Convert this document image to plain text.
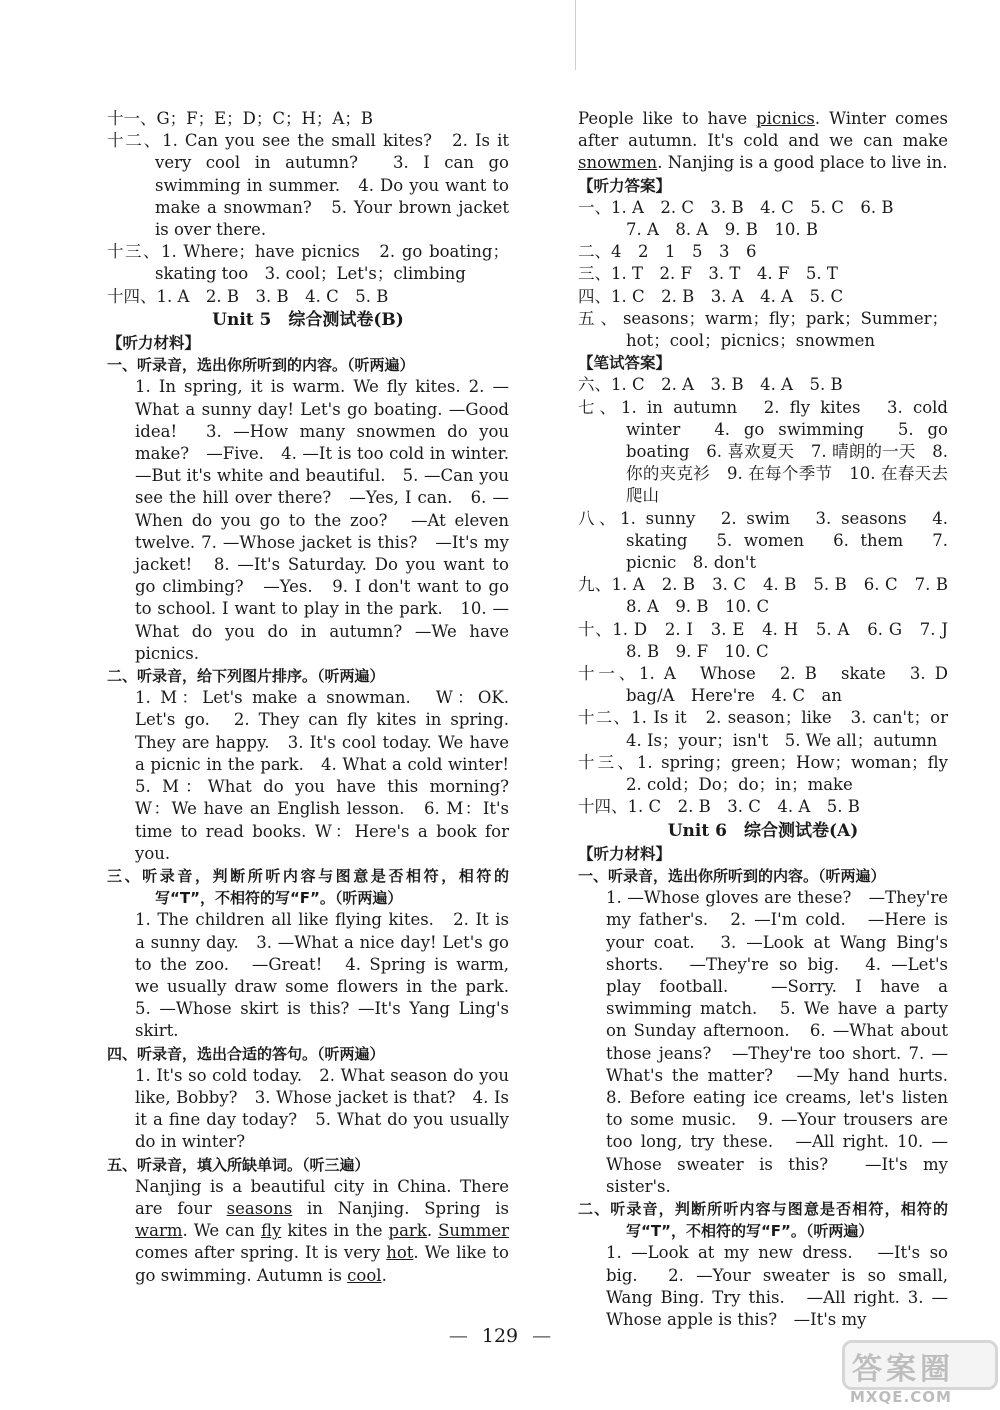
十一、G；F；E；D；C；H；A；B

十二、1. Can you see the small kites?　2. Is it very cool in autumn?　3. I can go swimming in summer.　4. Do you want to make a snowman?　5. Your brown jacket is over there.

十三、1. Where；have picnics　2. go boating；skating too　3. cool；Let's；climbing

十四、1. A　2. B　3. B　4. C　5. B

Unit 5　综合测试卷(B)

【听力材料】

一、听录音，选出你所听到的内容。（听两遍）

1. In spring, it is warm. We fly kites. 2. —What a sunny day! Let's go boating. —Good idea!　3. —How many snowmen do you make?　—Five.　4. —It is too cold in winter.　—But it's white and beautiful.　5. —Can you see the hill over there?　—Yes, I can.　6. —When do you go to the zoo?　—At eleven twelve. 7. —Whose jacket is this?　—It's my jacket!　8. —It's Saturday. Do you want to go climbing?　—Yes.　9. I don't want to go to school. I want to play in the park.　10. —What do you do in autumn? —We have picnics.

二、听录音，给下列图片排序。（听两遍）

1. M：Let's make a snowman.　W：OK. Let's go.　2. They can fly kites in spring. They are happy.　3. It's cool today. We have a picnic in the park.　4. What a cold winter!　5. M：What do you have this morning?　W：We have an English lesson.　6. M：It's time to read books. W：Here's a book for you.

三、听录音，判断所听内容与图意是否相符，相符的写“T”，不相符的写“F”。（听两遍）

1. The children all like flying kites.　2. It is a sunny day.　3. —What a nice day! Let's go to the zoo.　—Great!　4. Spring is warm, we usually draw some flowers in the park.　5. —Whose skirt is this? —It's Yang Ling's skirt.

四、听录音，选出合适的答句。（听两遍）

1. It's so cold today.　2. What season do you like, Bobby?　3. Whose jacket is that?　4. Is it a fine day today?　5. What do you usually do in winter?

五、听录音，填入所缺单词。（听三遍）

Nanjing is a beautiful city in China. There are four seasons in Nanjing. Spring is warm. We can fly kites in the park. Summer comes after spring. It is very hot. We like to go swimming. Autumn is cool.

People like to have picnics. Winter comes after autumn. It's cold and we can make snowmen. Nanjing is a good place to live in.

【听力答案】

一、1. A　2. C　3. B　4. C　5. C　6. B

7. A　8. A　9. B　10. B

二、4　2　1　5　3　6

三、1. T　2. F　3. T　4. F　5. T

四、1. C　2. B　3. A　4. A　5. C

五、seasons；warm；fly；park；Summer；hot；cool；picnics；snowmen

【笔试答案】

六、1. C　2. A　3. B　4. A　5. B

七、1. in autumn　2. fly kites　3. cold winter　4. go swimming　5. go boating　6. 喜欢夏天　7. 晴朗的一天　8. 你的夹克衫　9. 在每个季节　10. 在春天去爬山

八、1. sunny　2. swim　3. seasons　4. skating　5. women　6. them　7. picnic　8. don't

九、1. A　2. B　3. C　4. B　5. B　6. C　7. B　8. A　9. B　10. C

十、1. D　2. I　3. E　4. H　5. A　6. G　7. J　8. B　9. F　10. C

十一、1. A　Whose　2. B　skate　3. D　bag/A　Here're　4. C　an

十二、1. Is it　2. season；like　3. can't；or　4. Is；your；isn't　5. We all；autumn

十三、1. spring；green；How；woman；fly　2. cold；Do；do；in；make

十四、1. C　2. B　3. C　4. A　5. B

Unit 6　综合测试卷(A)

【听力材料】

一、听录音，选出你所听到的内容。（听两遍）

1. —Whose gloves are these?　—They're my father's.　2. —I'm cold.　—Here is your coat.　3. —Look at Wang Bing's shorts.　—They're so big.　4. —Let's play football.　—Sorry. I have a swimming match.　5. We have a party on Sunday afternoon.　6. —What about those jeans?　—They're too short. 7. —What's the matter?　—My hand hurts.　8. Before eating ice creams, let's listen to some music.　9. —Your trousers are too long, try these.　—All right. 10. —Whose sweater is this?　—It's my sister's.

二、听录音，判断所听内容与图意是否相符，相符的写“T”，不相符的写“F”。（听两遍）

1. —Look at my new dress.　—It's so big.　2. —Your sweater is so small, Wang Bing. Try this.　—All right. 3. —Whose apple is this?　—It's my

— 129 —
答案圈
MXQE.COM
